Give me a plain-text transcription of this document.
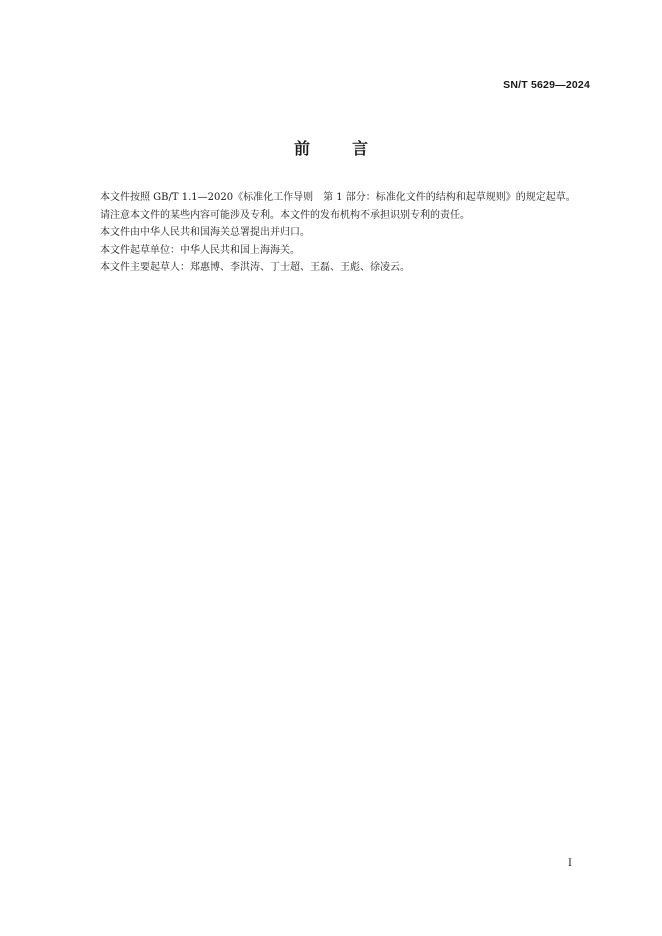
SN/T 5629—2024
前言

本文件按照 GB/T 1.1—2020《标准化工作导则　第 1 部分：标准化文件的结构和起草规则》的规定起草。

请注意本文件的某些内容可能涉及专利。本文件的发布机构不承担识别专利的责任。

本文件由中华人民共和国海关总署提出并归口。

本文件起草单位：中华人民共和国上海海关。

本文件主要起草人：郑惠博、李洪涛、丁士超、王磊、王彪、徐凌云。

I
